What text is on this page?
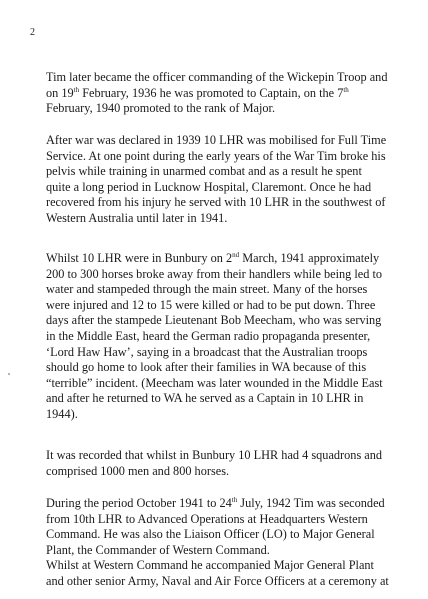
2

Tim later became the officer commanding of the Wickepin Troop and
on 19th February, 1936 he was promoted to Captain, on the 7th
February, 1940 promoted to the rank of Major.

After war was declared in 1939 10 LHR was mobilised for Full Time
Service. At one point during the early years of the War Tim broke his
pelvis while training in unarmed combat and as a result he spent
quite a long period in Lucknow Hospital, Claremont. Once he had
recovered from his injury he served with 10 LHR in the southwest of
Western Australia until later in 1941.

Whilst 10 LHR were in Bunbury on 2nd March, 1941 approximately
200 to 300 horses broke away from their handlers while being led to
water and stampeded through the main street. Many of the horses
were injured and 12 to 15 were killed or had to be put down. Three
days after the stampede Lieutenant Bob Meecham, who was serving
in the Middle East, heard the German radio propaganda presenter,
‘Lord Haw Haw’, saying in a broadcast that the Australian troops
should go home to look after their families in WA because of this
“terrible” incident. (Meecham was later wounded in the Middle East
and after he returned to WA he served as a Captain in 10 LHR in
1944).

It was recorded that whilst in Bunbury 10 LHR had 4 squadrons and
comprised 1000 men and 800 horses.

During the period October 1941 to 24th July, 1942 Tim was seconded
from 10th LHR to Advanced Operations at Headquarters Western
Command. He was also the Liaison Officer (LO) to Major General
Plant, the Commander of Western Command.

Whilst at Western Command he accompanied Major General Plant
and other senior Army, Naval and Air Force Officers at a ceremony at
